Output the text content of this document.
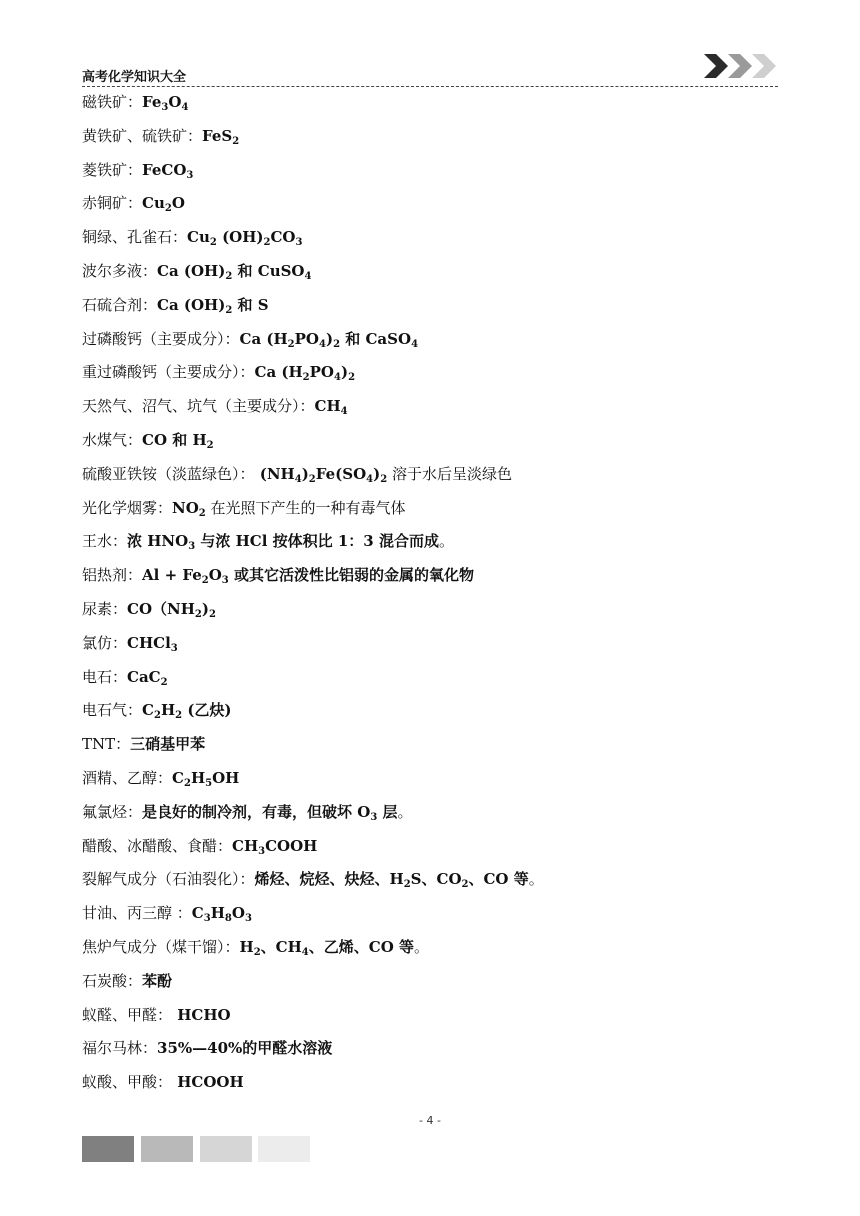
高考化学知识大全
磁铁矿：$Fe_3O_4$
黄铁矿、硫铁矿：FeS$_2$
菱铁矿：FeCO$_3$
赤铜矿：$Cu_2O$
铜绿、孔雀石：$Cu_2$ $(OH)_2CO_3$
波尔多液：Ca $(OH)_2$ 和 CuSO$_4$
石硫合剂：Ca $(OH)_2$ 和 S
过磷酸钙（主要成分）：Ca $(H_2PO_4)_2$ 和 CaSO$_4$
重过磷酸钙（主要成分）：Ca $(H_2PO_4)_2$
天然气、沼气、坑气（主要成分）：$CH_4$
水煤气：CO 和 $H_2$
硫酸亚铁铵（淡蓝绿色）： $(NH_4)_2Fe(SO_4)_2$ 溶于水后呈淡绿色
光化学烟雾：$NO_2$ 在光照下产生的一种有毒气体
王水：浓 $HNO_3$ 与浓 HCl 按体积比 1：3 混合而成。
铝热剂：$Al + Fe_2O_3$ 或其它活泼性比铝弱的金属的氧化物
尿素：$CO(NH_2)_2$
氯仿：CHCl$_3$
电石：CaC$_2$
电石气：$C_2H_2$ (乙炔)
TNT：三硝基甲苯
酒精、乙醇：$C_2H_5OH$
氟氯烃：是良好的制冷剂，有毒，但破坏 $O_3$ 层。
醋酸、冰醋酸、食醋：$CH_3COOH$
裂解气成分（石油裂化）：烯烃、烷烃、炔烃、$H_2S$、$CO_2$、CO 等。
甘油、丙三醇 ：$C_3H_8O_3$
焦炉气成分（煤干馏）：$H_2$、$CH_4$、乙烯、CO 等。
石炭酸：苯酚
蚁醛、甲醛： HCHO
福尔马林：35%—40%的甲醛水溶液
蚁酸、甲酸： HCOOH
- 4 -
